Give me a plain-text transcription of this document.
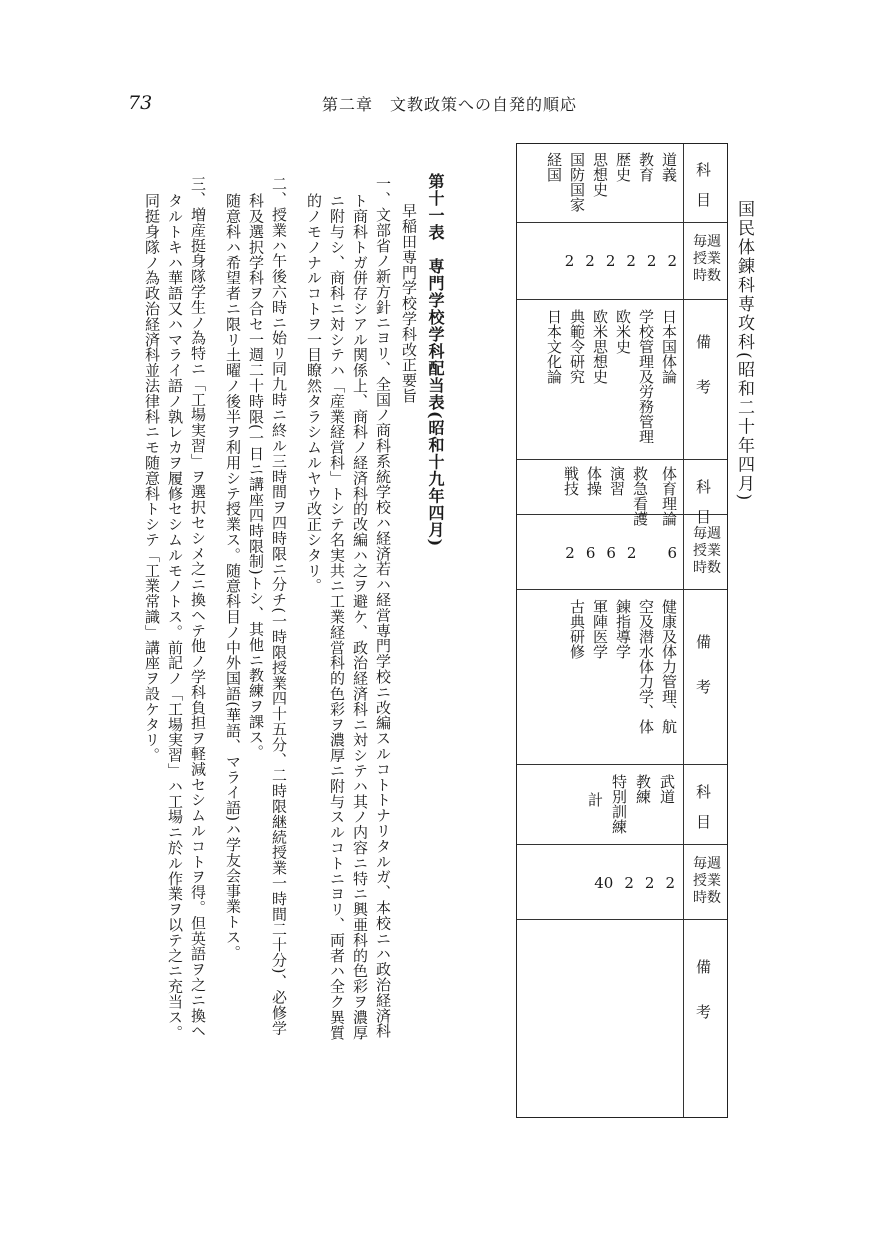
73	第二章　文教政策への自発的順応
国民体錬科専攻科(昭和二十年四月)
科　目
毎週
授業
時数
備　　考
科　目
毎週
授業
時数
備　　考
科　目
毎週
授業
時数
備　　考
道義
教育
歴史
思想史
国防国家
経国
2
2
2
2
2
2
日本国体論
学校管理及労務管理
欧米史
欧米思想史
典範令研究
日本文化論
体育理論
救急看護
演習
体操
戦技
6
2
6
6
2
健康及体力管理、航
空及潜水体力学、体
錬指導学
軍陣医学
古典研修
武道
教練
特別訓練
計
2
2
2
40
第十一表　専門学校学科配当表(昭和十九年四月)
早稲田専門学校学科改正要旨
一、文部省ノ新方針ニヨリ、全国ノ商科系統学校ハ経済若ハ経営専門学校ニ改編スルコトトナリタルガ、本校ニハ政治経済科
ト商科トガ併存シアル関係上、商科ノ経済科的改編ハ之ヲ避ケ、政治経済科ニ対シテハ其ノ内容ニ特ニ興亜科的色彩ヲ濃厚
ニ附与シ、商科ニ対シテハ「産業経営科」トシテ名実共ニ工業経営科的色彩ヲ濃厚ニ附与スルコトニヨリ、両者ハ全ク異質
的ノモノナルコトヲ一目瞭然タラシムルヤウ改正シタリ。
二、授業ハ午後六時ニ始リ同九時ニ終ル三時間ヲ四時限ニ分チ(一時限授業四十五分、二時限継続授業一時間二十分)、必修学
科及選択学科ヲ合セ一週二十時限(一日ニ講座四時限制)トシ、其他ニ教練ヲ課ス。
随意科ハ希望者ニ限リ土曜ノ後半ヲ利用シテ授業ス。随意科目ノ中外国語(華語、マライ語)ハ学友会事業トス。
三、増産挺身隊学生ノ為特ニ「工場実習」ヲ選択セシメ之ニ換ヘテ他ノ学科負担ヲ軽減セシムルコトヲ得。但英語ヲ之ニ換ヘ
タルトキハ華語又ハマライ語ノ孰レカヲ履修セシムルモノトス。前記ノ「工場実習」ハ工場ニ於ル作業ヲ以テ之ニ充当ス。
同挺身隊ノ為政治経済科並法律科ニモ随意科トシテ「工業常識」講座ヲ設ケタリ。
